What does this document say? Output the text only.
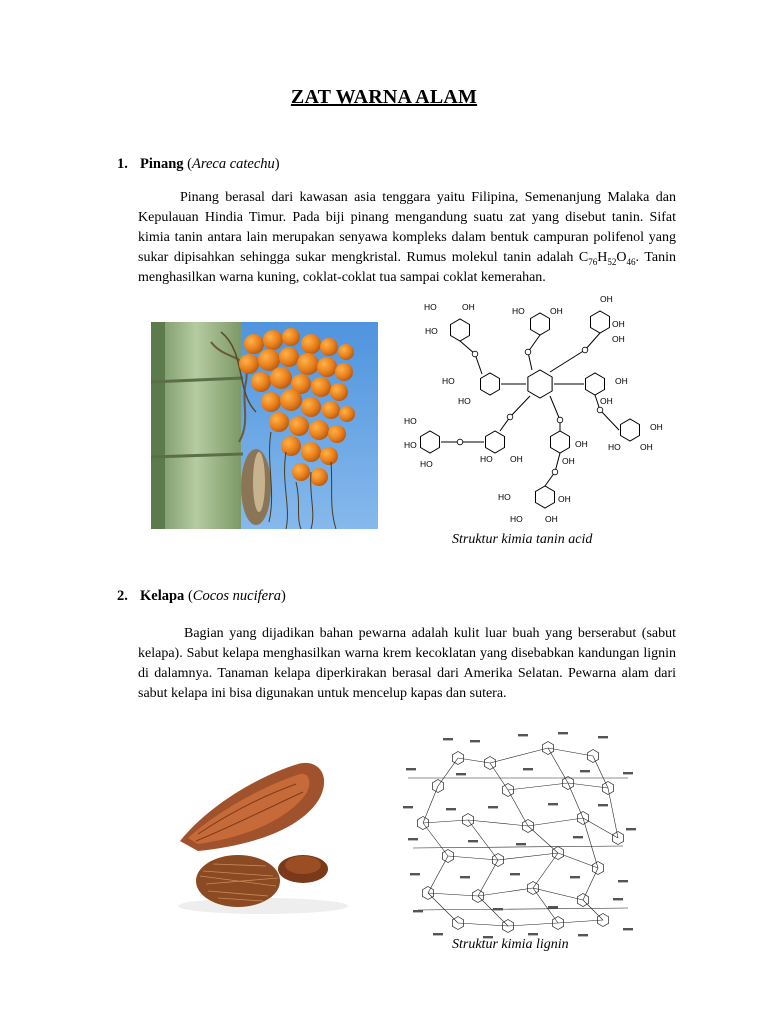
ZAT WARNA ALAM
1. Pinang (Areca catechu)

Pinang berasal dari kawasan asia tenggara yaitu Filipina, Semenanjung Malaka dan Kepulauan Hindia Timur. Pada biji pinang mengandung suatu zat yang disebut tanin. Sifat kimia tanin antara lain merupakan senyawa kompleks dalam bentuk campuran polifenol yang sukar dipisahkan sehingga sukar mengkristal. Rumus molekul tanin adalah $C_{76}H_{52}O_{46}$. Tanin menghasilkan warna kuning, coklat-coklat tua sampai coklat kemerahan.

HO	OH
HO
HO	OH
OH
OH
OH
HO
HO
OH
OH
HO
HO
HO	HO OH
OH
OH
HO OH
OH
HO	OH
HO	OH
Struktur kimia tanin acid
2. Kelapa (Cocos nucifera)

Bagian yang dijadikan bahan pewarna adalah kulit luar buah yang berserabut (sabut kelapa). Sabut kelapa menghasilkan warna krem kecoklatan yang disebabkan kandungan lignin di dalamnya. Tanaman kelapa diperkirakan berasal dari Amerika Selatan. Pewarna alam dari sabut kelapa ini bisa digunakan untuk mencelup kapas dan sutera.

Struktur kimia lignin
